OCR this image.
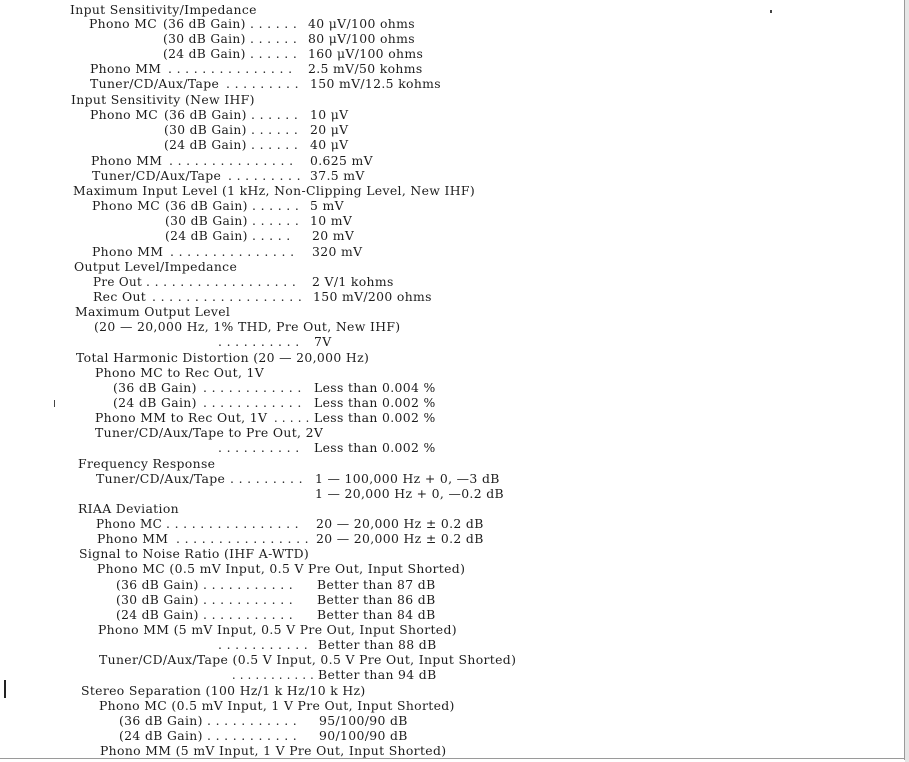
Input Sensitivity/Impedance
Phono MC (36 dB Gain) . . . . . . 40 μV/100 ohms
(30 dB Gain) . . . . . . 80 μV/100 ohms
(24 dB Gain) . . . . . . 160 μV/100 ohms
Phono MM . . . . . . . . . . . . . . . 2.5 mV/50 kohms
Tuner/CD/Aux/Tape . . . . . . . . . 150 mV/12.5 kohms
Input Sensitivity (New IHF)
Phono MC (36 dB Gain) . . . . . . 10 μV
(30 dB Gain) . . . . . . 20 μV
(24 dB Gain) . . . . . . 40 μV
Phono MM . . . . . . . . . . . . . . . 0.625 mV
Tuner/CD/Aux/Tape . . . . . . . . . 37.5 mV
Maximum Input Level (1 kHz, Non-Clipping Level, New IHF)
Phono MC (36 dB Gain) . . . . . . 5 mV
(30 dB Gain) . . . . . . 10 mV
(24 dB Gain) . . . . . 20 mV
Phono MM . . . . . . . . . . . . . . . 320 mV
Output Level/Impedance
Pre Out . . . . . . . . . . . . . . . . . . 2 V/1 kohms
Rec Out . . . . . . . . . . . . . . . . . . 150 mV/200 ohms
Maximum Output Level
(20 — 20,000 Hz, 1% THD, Pre Out, New IHF)
. . . . . . . . . . 7V
Total Harmonic Distortion (20 — 20,000 Hz)
Phono MC to Rec Out, 1V
(36 dB Gain) . . . . . . . . . . . . Less than 0.004 %
(24 dB Gain) . . . . . . . . . . . . Less than 0.002 %
Phono MM to Rec Out, 1V . . . . . Less than 0.002 %
Tuner/CD/Aux/Tape to Pre Out, 2V
. . . . . . . . . . Less than 0.002 %
Frequency Response
Tuner/CD/Aux/Tape . . . . . . . . . 1 — 100,000 Hz + 0, —3 dB
1 — 20,000 Hz + 0, —0.2 dB
RIAA Deviation
Phono MC . . . . . . . . . . . . . . . . 20 — 20,000 Hz ± 0.2 dB
Phono MM . . . . . . . . . . . . . . . . 20 — 20,000 Hz ± 0.2 dB
Signal to Noise Ratio (IHF A-WTD)
Phono MC (0.5 mV Input, 0.5 V Pre Out, Input Shorted)
(36 dB Gain) . . . . . . . . . . . Better than 87 dB
(30 dB Gain) . . . . . . . . . . . Better than 86 dB
(24 dB Gain) . . . . . . . . . . . Better than 84 dB
Phono MM (5 mV Input, 0.5 V Pre Out, Input Shorted)
. . . . . . . . . . . Better than 88 dB
Tuner/CD/Aux/Tape (0.5 V Input, 0.5 V Pre Out, Input Shorted)
. . . . . . . . . . . Better than 94 dB
Stereo Separation (100 Hz/1 k Hz/10 k Hz)
Phono MC (0.5 mV Input, 1 V Pre Out, Input Shorted)
(36 dB Gain) . . . . . . . . . . . 95/100/90 dB
(24 dB Gain) . . . . . . . . . . . 90/100/90 dB
Phono MM (5 mV Input, 1 V Pre Out, Input Shorted)
